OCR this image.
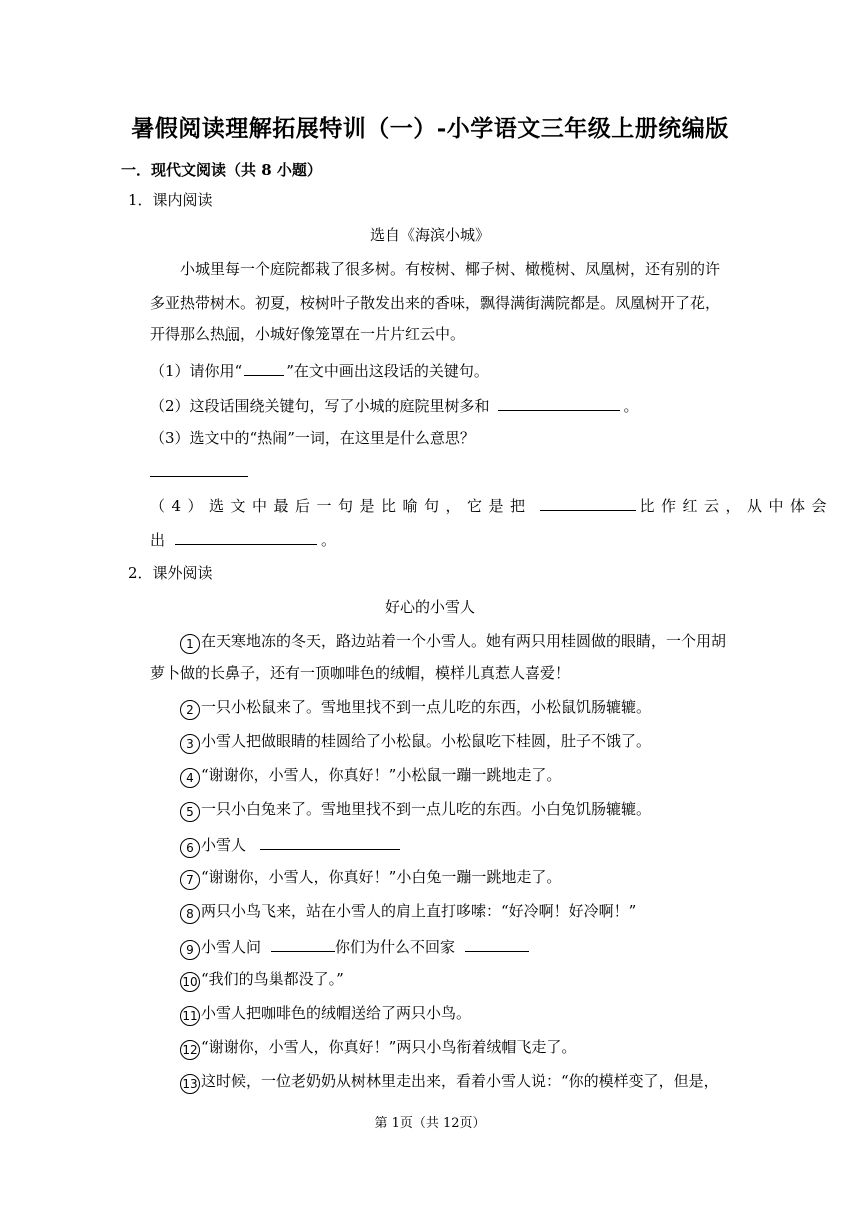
暑假阅读理解拓展特训（一）-小学语文三年级上册统编版
一．现代文阅读（共 8 小题）
1．课内阅读
选自《海滨小城》
小城里每一个庭院都栽了很多树。有桉树、椰子树、橄榄树、凤凰树，还有别的许
多亚热带树木。初夏，桉树叶子散发出来的香味，飘得满街满院都是。凤凰树开了花，
开得那么热闹，小城好像笼罩在一片片红云中。
（1）请你用“	”在文中画出这段话的关键句。
（2）这段话围绕关键句，写了小城的庭院里树多和	。
（3）选文中的“热闹”一词，在这里是什么意思？
（4）选文中最后一句是比喻句，它是把	比作红云，从中体会
出	。
2．课外阅读
好心的小雪人
1 在天寒地冻的冬天，路边站着一个小雪人。她有两只用桂圆做的眼睛，一个用胡
萝卜做的长鼻子，还有一顶咖啡色的绒帽，模样儿真惹人喜爱！
2 一只小松鼠来了。雪地里找不到一点儿吃的东西，小松鼠饥肠辘辘。
3 小雪人把做眼睛的桂圆给了小松鼠。小松鼠吃下桂圆，肚子不饿了。
4 “谢谢你，小雪人，你真好！”小松鼠一蹦一跳地走了。
5 一只小白兔来了。雪地里找不到一点儿吃的东西。小白兔饥肠辘辘。
6 小雪人
7 “谢谢你，小雪人，你真好！”小白兔一蹦一跳地走了。
8 两只小鸟飞来，站在小雪人的肩上直打哆嗦：“好冷啊！好冷啊！”
9 小雪人问	你们为什么不回家
10 “我们的鸟巢都没了。”
11 小雪人把咖啡色的绒帽送给了两只小鸟。
12 “谢谢你，小雪人，你真好！”两只小鸟衔着绒帽飞走了。
13 这时候，一位老奶奶从树林里走出来，看着小雪人说：“你的模样变了，但是，
第 1页（共 12页）
